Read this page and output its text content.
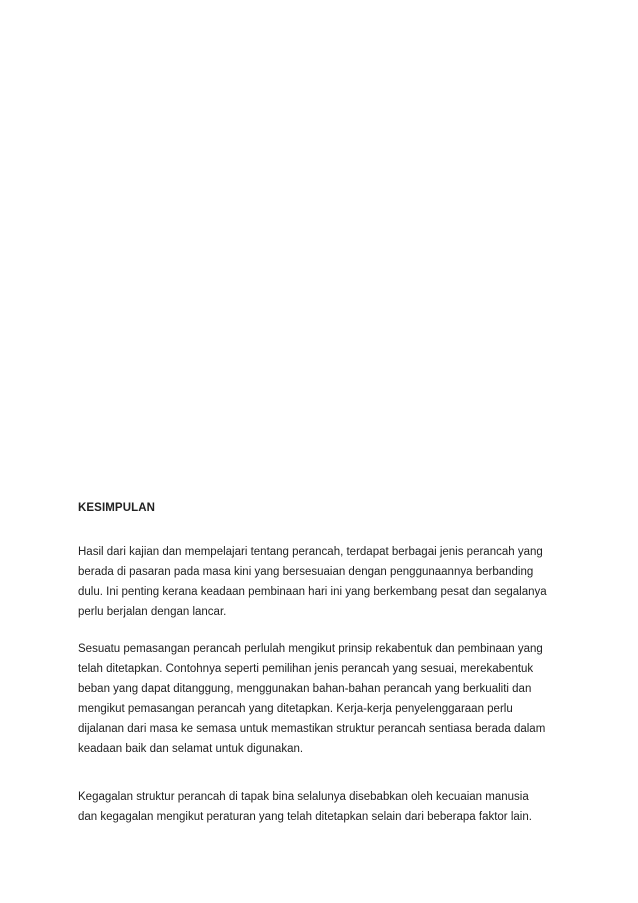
KESIMPULAN
Hasil dari kajian dan mempelajari tentang perancah, terdapat berbagai jenis perancah yang
berada di pasaran pada masa kini yang bersesuaian dengan penggunaannya berbanding
dulu. Ini penting kerana keadaan pembinaan hari ini yang berkembang pesat dan segalanya
perlu berjalan dengan lancar.
Sesuatu pemasangan perancah perlulah mengikut prinsip rekabentuk dan pembinaan yang
telah ditetapkan. Contohnya seperti pemilihan jenis perancah yang sesuai, merekabentuk
beban yang dapat ditanggung, menggunakan bahan-bahan perancah yang berkualiti dan
mengikut pemasangan perancah yang ditetapkan. Kerja-kerja penyelenggaraan perlu
dijalanan dari masa ke semasa untuk memastikan struktur perancah sentiasa berada dalam
keadaan baik dan selamat untuk digunakan.
Kegagalan struktur perancah di tapak bina selalunya disebabkan oleh kecuaian manusia
dan kegagalan mengikut peraturan yang telah ditetapkan selain dari beberapa faktor lain.
